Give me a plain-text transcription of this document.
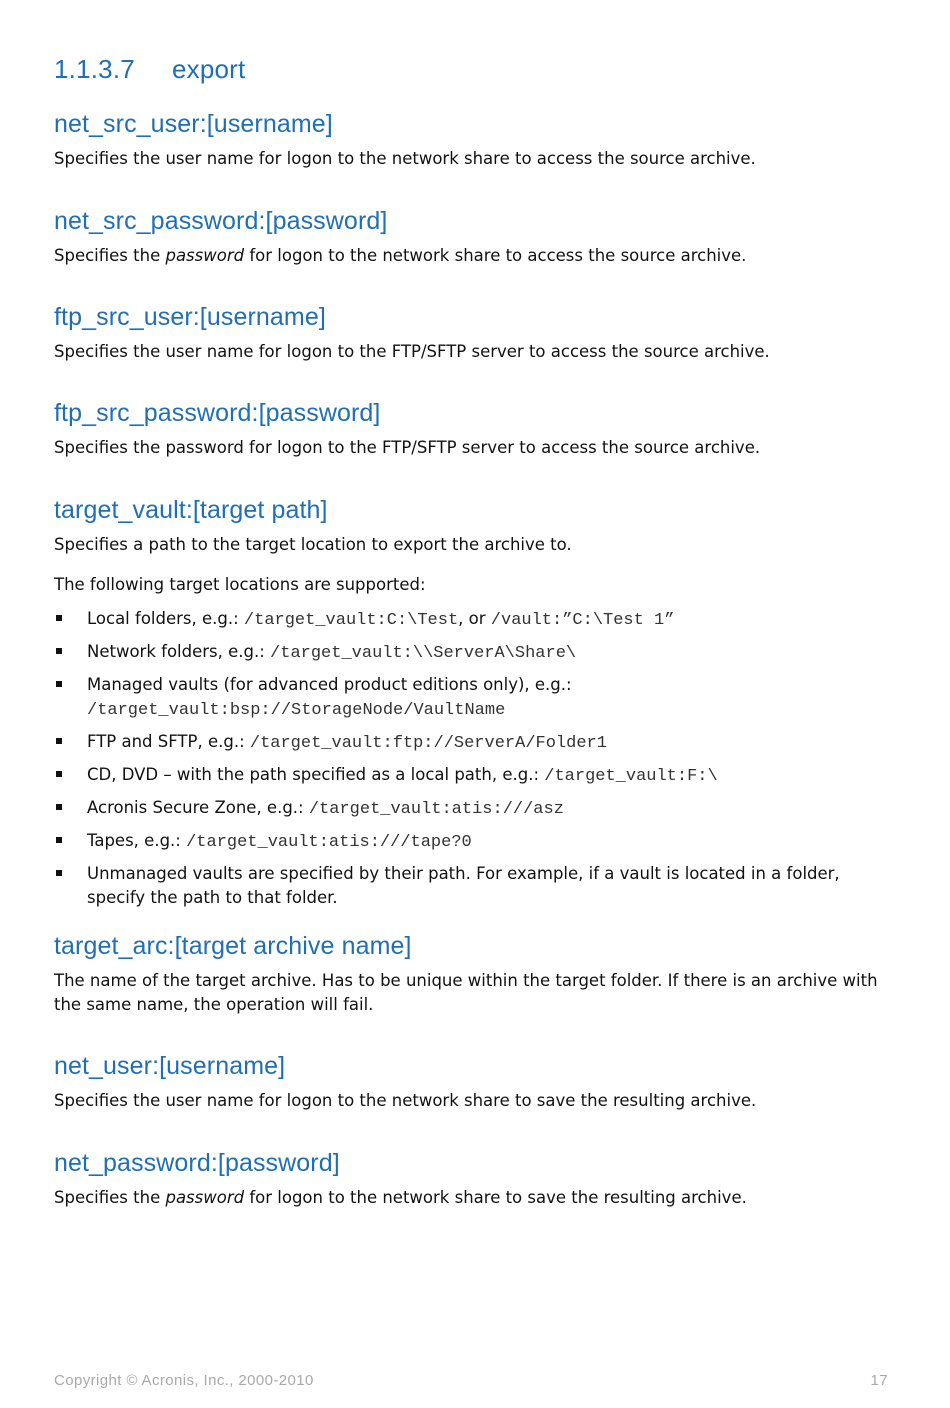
1.1.3.7 export
net_src_user:[username]

Specifies the user name for logon to the network share to access the source archive.

net_src_password:[password]

Specifies the password for logon to the network share to access the source archive.

ftp_src_user:[username]

Specifies the user name for logon to the FTP/SFTP server to access the source archive.

ftp_src_password:[password]

Specifies the password for logon to the FTP/SFTP server to access the source archive.

target_vault:[target path]

Specifies a path to the target location to export the archive to.

The following target locations are supported:

Local folders, e.g.: /target_vault:C:\Test, or /vault:”C:\Test 1”
Network folders, e.g.: /target_vault:\\ServerA\Share\
Managed vaults (for advanced product editions only), e.g.:
/target_vault:bsp://StorageNode/VaultName
FTP and SFTP, e.g.: /target_vault:ftp://ServerA/Folder1
CD, DVD – with the path specified as a local path, e.g.: /target_vault:F:\
Acronis Secure Zone, e.g.: /target_vault:atis:///asz
Tapes, e.g.: /target_vault:atis:///tape?0
Unmanaged vaults are specified by their path. For example, if a vault is located in a folder, specify the path to that folder.
target_arc:[target archive name]

The name of the target archive. Has to be unique within the target folder. If there is an archive with the same name, the operation will fail.

net_user:[username]

Specifies the user name for logon to the network share to save the resulting archive.

net_password:[password]

Specifies the password for logon to the network share to save the resulting archive.

Copyright © Acronis, Inc., 2000-2010	17
